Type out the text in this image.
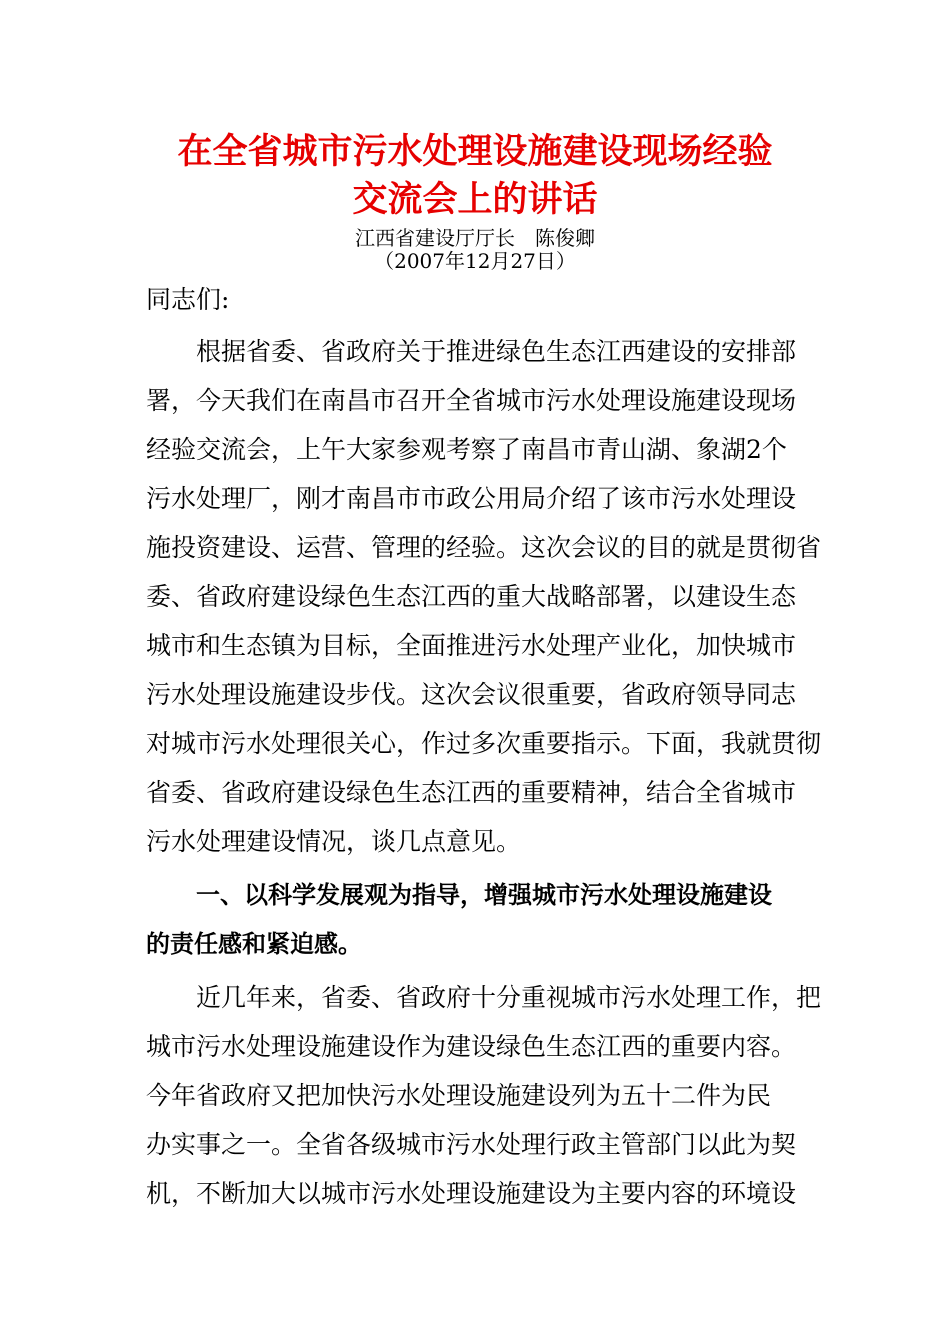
在全省城市污水处理设施建设现场经验
交流会上的讲话
江西省建设厅厅长　陈俊卿
（2007年12月27日）

同志们:

根据省委、省政府关于推进绿色生态江西建设的安排部

署，今天我们在南昌市召开全省城市污水处理设施建设现场

经验交流会，上午大家参观考察了南昌市青山湖、象湖2个

污水处理厂，刚才南昌市市政公用局介绍了该市污水处理设

施投资建设、运营、管理的经验。这次会议的目的就是贯彻省

委、省政府建设绿色生态江西的重大战略部署，以建设生态

城市和生态镇为目标，全面推进污水处理产业化，加快城市

污水处理设施建设步伐。这次会议很重要，省政府领导同志

对城市污水处理很关心，作过多次重要指示。下面，我就贯彻

省委、省政府建设绿色生态江西的重要精神，结合全省城市

污水处理建设情况，谈几点意见。

一、以科学发展观为指导，增强城市污水处理设施建设

的责任感和紧迫感。

近几年来，省委、省政府十分重视城市污水处理工作，把

城市污水处理设施建设作为建设绿色生态江西的重要内容。

今年省政府又把加快污水处理设施建设列为五十二件为民

办实事之一。全省各级城市污水处理行政主管部门以此为契

机，不断加大以城市污水处理设施建设为主要内容的环境设
